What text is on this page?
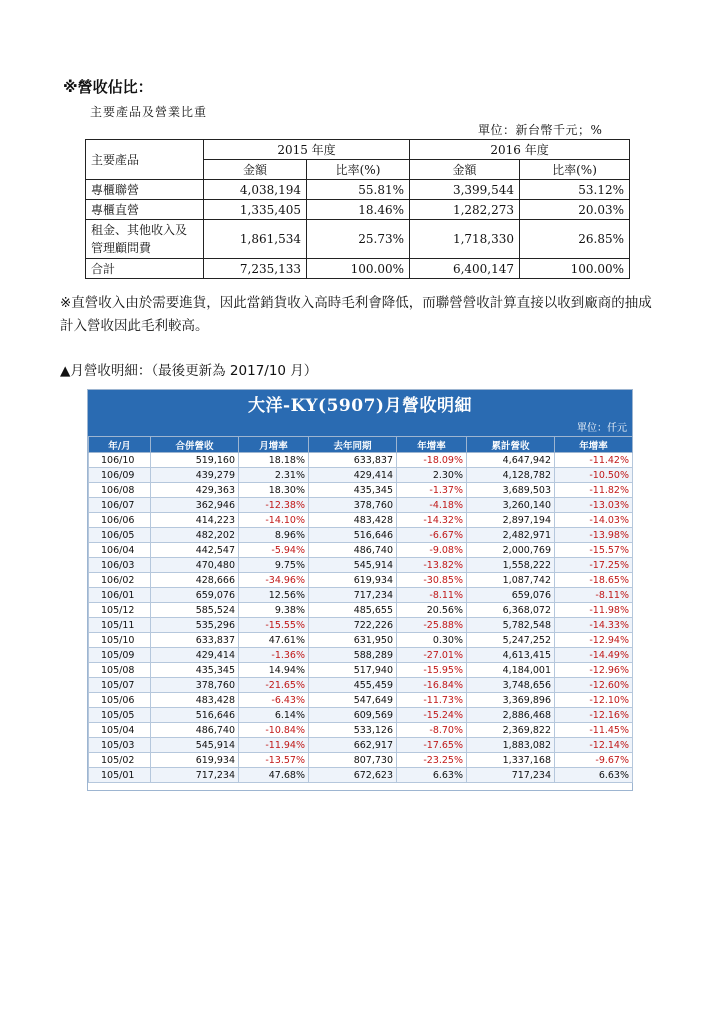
※營收佔比：
主要產品及營業比重
單位：新台幣千元；%
主要產品	2015 年度		2016 年度	
	金額	比率(%)	金額	比率(%)
專櫃聯營	4,038,194	55.81%	3,399,544	53.12%
專櫃直營	1,335,405	18.46%	1,282,273	20.03%
租金、其他收入及管理顧問費	1,861,534	25.73%	1,718,330	26.85%
合計	7,235,133	100.00%	6,400,147	100.00%
※直營收入由於需要進貨，因此當銷貨收入高時毛利會降低，而聯營營收計算直接以收到廠商的抽成計入營收因此毛利較高。
▲月營收明細：（最後更新為 2017/10 月）
大洋-KY(5907)月營收明細
單位：仟元
年/月	合併營收	月增率	去年同期	年增率	累計營收	年增率
106/10	519,160	18.18%	633,837	-18.09%	4,647,942	-11.42%
106/09	439,279	2.31%	429,414	2.30%	4,128,782	-10.50%
106/08	429,363	18.30%	435,345	-1.37%	3,689,503	-11.82%
106/07	362,946	-12.38%	378,760	-4.18%	3,260,140	-13.03%
106/06	414,223	-14.10%	483,428	-14.32%	2,897,194	-14.03%
106/05	482,202	8.96%	516,646	-6.67%	2,482,971	-13.98%
106/04	442,547	-5.94%	486,740	-9.08%	2,000,769	-15.57%
106/03	470,480	9.75%	545,914	-13.82%	1,558,222	-17.25%
106/02	428,666	-34.96%	619,934	-30.85%	1,087,742	-18.65%
106/01	659,076	12.56%	717,234	-8.11%	659,076	-8.11%
105/12	585,524	9.38%	485,655	20.56%	6,368,072	-11.98%
105/11	535,296	-15.55%	722,226	-25.88%	5,782,548	-14.33%
105/10	633,837	47.61%	631,950	0.30%	5,247,252	-12.94%
105/09	429,414	-1.36%	588,289	-27.01%	4,613,415	-14.49%
105/08	435,345	14.94%	517,940	-15.95%	4,184,001	-12.96%
105/07	378,760	-21.65%	455,459	-16.84%	3,748,656	-12.60%
105/06	483,428	-6.43%	547,649	-11.73%	3,369,896	-12.10%
105/05	516,646	6.14%	609,569	-15.24%	2,886,468	-12.16%
105/04	486,740	-10.84%	533,126	-8.70%	2,369,822	-11.45%
105/03	545,914	-11.94%	662,917	-17.65%	1,883,082	-12.14%
105/02	619,934	-13.57%	807,730	-23.25%	1,337,168	-9.67%
105/01	717,234	47.68%	672,623	6.63%	717,234	6.63%
